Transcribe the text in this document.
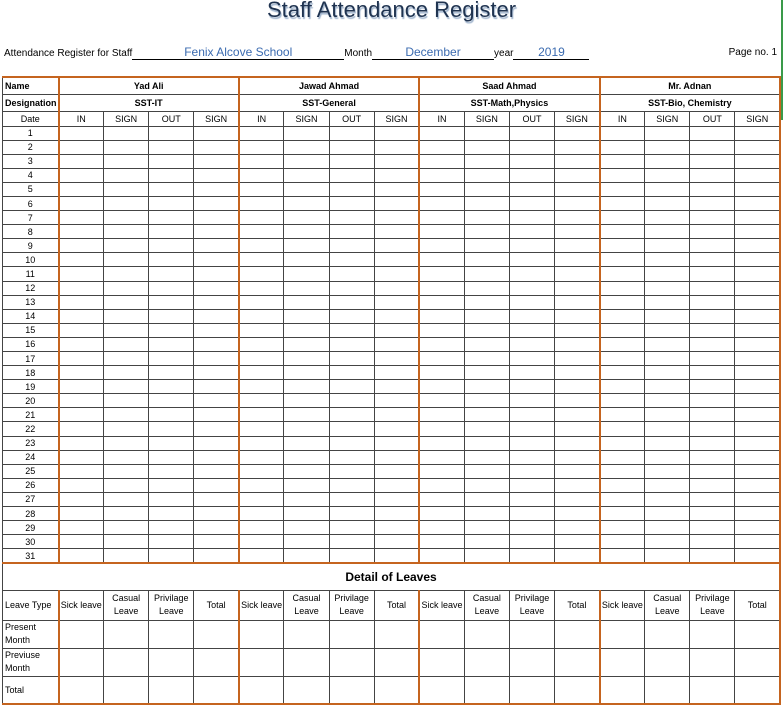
Staff Attendance Register
Attendance Register for Staff	Fenix Alcove School	Month	December	year 2019	Page no. 1
Name	Yad Ali				Jawad Ahmad				Saad Ahmad				Mr. Adnan			
Designation	SST-IT				SST-General				SST-Math,Physics				SST-Bio, Chemistry			
Date	IN	SIGN	OUT	SIGN	IN	SIGN	OUT	SIGN	IN	SIGN	OUT	SIGN	IN	SIGN	OUT	SIGN
1																
2																
3																
4																
5																
6																
7																
8																
9																
10																
11																
12																
13																
14																
15																
16																
17																
18																
19																
20																
21																
22																
23																
24																
25																
26																
27																
28																
29																
30																
31																
Detail of Leaves																
Leave Type	Sick leave	Casual Leave	Privilage Leave	Total	Sick leave	Casual Leave	Privilage Leave	Total	Sick leave	Casual Leave	Privilage Leave	Total	Sick leave	Casual Leave	Privilage Leave	Total
Present Month																
Previuse Month																
Total																
